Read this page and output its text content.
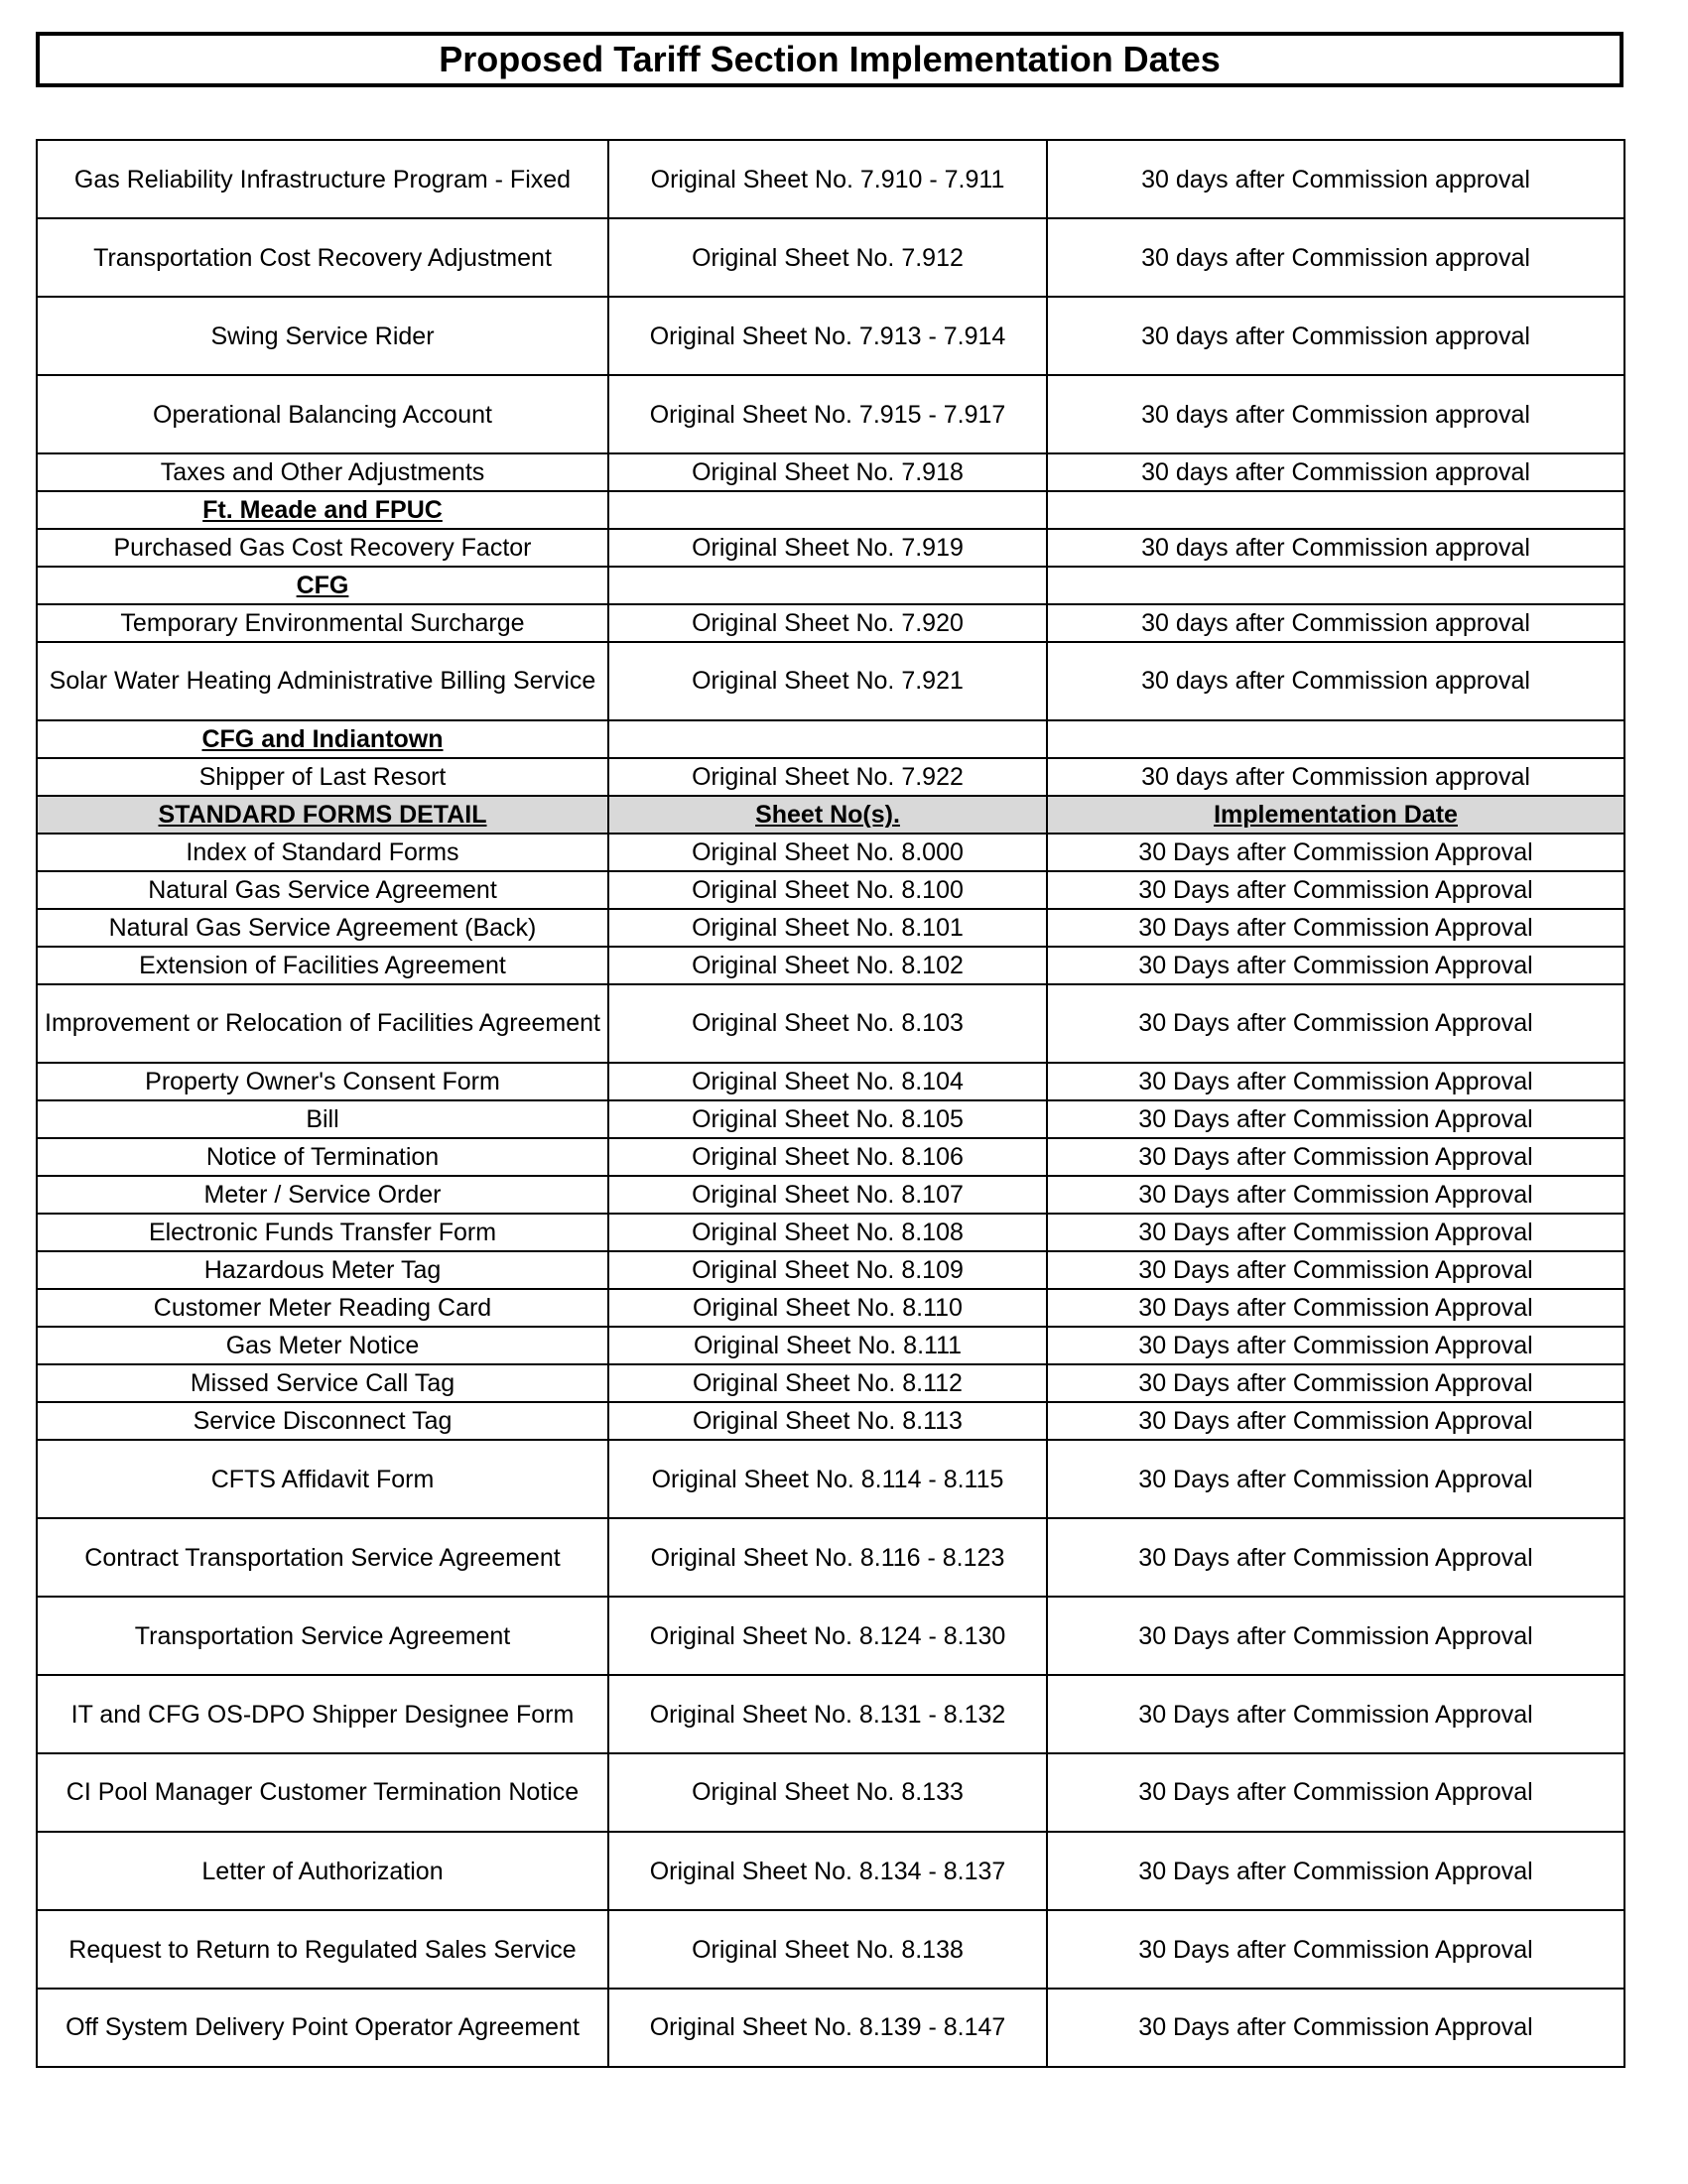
Proposed Tariff Section Implementation Dates
Gas Reliability Infrastructure Program - Fixed	Original Sheet No. 7.910 - 7.911	30 days after Commission approval
Transportation Cost Recovery Adjustment	Original Sheet No. 7.912	30 days after Commission approval
Swing Service Rider	Original Sheet No. 7.913 - 7.914	30 days after Commission approval
Operational Balancing Account	Original Sheet No. 7.915 - 7.917	30 days after Commission approval
Taxes and Other Adjustments	Original Sheet No. 7.918	30 days after Commission approval
Ft. Meade and FPUC		
Purchased Gas Cost Recovery Factor	Original Sheet No. 7.919	30 days after Commission approval
CFG		
Temporary Environmental Surcharge	Original Sheet No. 7.920	30 days after Commission approval
Solar Water Heating Administrative Billing Service	Original Sheet No. 7.921	30 days after Commission approval
CFG and Indiantown		
Shipper of Last Resort	Original Sheet No. 7.922	30 days after Commission approval
STANDARD FORMS DETAIL	Sheet No(s).	Implementation Date
Index of Standard Forms	Original Sheet No. 8.000	30 Days after Commission Approval
Natural Gas Service Agreement	Original Sheet No. 8.100	30 Days after Commission Approval
Natural Gas Service Agreement (Back)	Original Sheet No. 8.101	30 Days after Commission Approval
Extension of Facilities Agreement	Original Sheet No. 8.102	30 Days after Commission Approval
Improvement or Relocation of Facilities Agreement	Original Sheet No. 8.103	30 Days after Commission Approval
Property Owner's Consent Form	Original Sheet No. 8.104	30 Days after Commission Approval
Bill	Original Sheet No. 8.105	30 Days after Commission Approval
Notice of Termination	Original Sheet No. 8.106	30 Days after Commission Approval
Meter / Service Order	Original Sheet No. 8.107	30 Days after Commission Approval
Electronic Funds Transfer Form	Original Sheet No. 8.108	30 Days after Commission Approval
Hazardous Meter Tag	Original Sheet No. 8.109	30 Days after Commission Approval
Customer Meter Reading Card	Original Sheet No. 8.110	30 Days after Commission Approval
Gas Meter Notice	Original Sheet No. 8.111	30 Days after Commission Approval
Missed Service Call Tag	Original Sheet No. 8.112	30 Days after Commission Approval
Service Disconnect Tag	Original Sheet No. 8.113	30 Days after Commission Approval
CFTS Affidavit Form	Original Sheet No. 8.114 - 8.115	30 Days after Commission Approval
Contract Transportation Service Agreement	Original Sheet No. 8.116 - 8.123	30 Days after Commission Approval
Transportation Service Agreement	Original Sheet No. 8.124 - 8.130	30 Days after Commission Approval
IT and CFG OS-DPO Shipper Designee Form	Original Sheet No. 8.131 - 8.132	30 Days after Commission Approval
CI Pool Manager Customer Termination Notice	Original Sheet No. 8.133	30 Days after Commission Approval
Letter of Authorization	Original Sheet No. 8.134 - 8.137	30 Days after Commission Approval
Request to Return to Regulated Sales Service	Original Sheet No. 8.138	30 Days after Commission Approval
Off System Delivery Point Operator Agreement	Original Sheet No. 8.139 - 8.147	30 Days after Commission Approval
